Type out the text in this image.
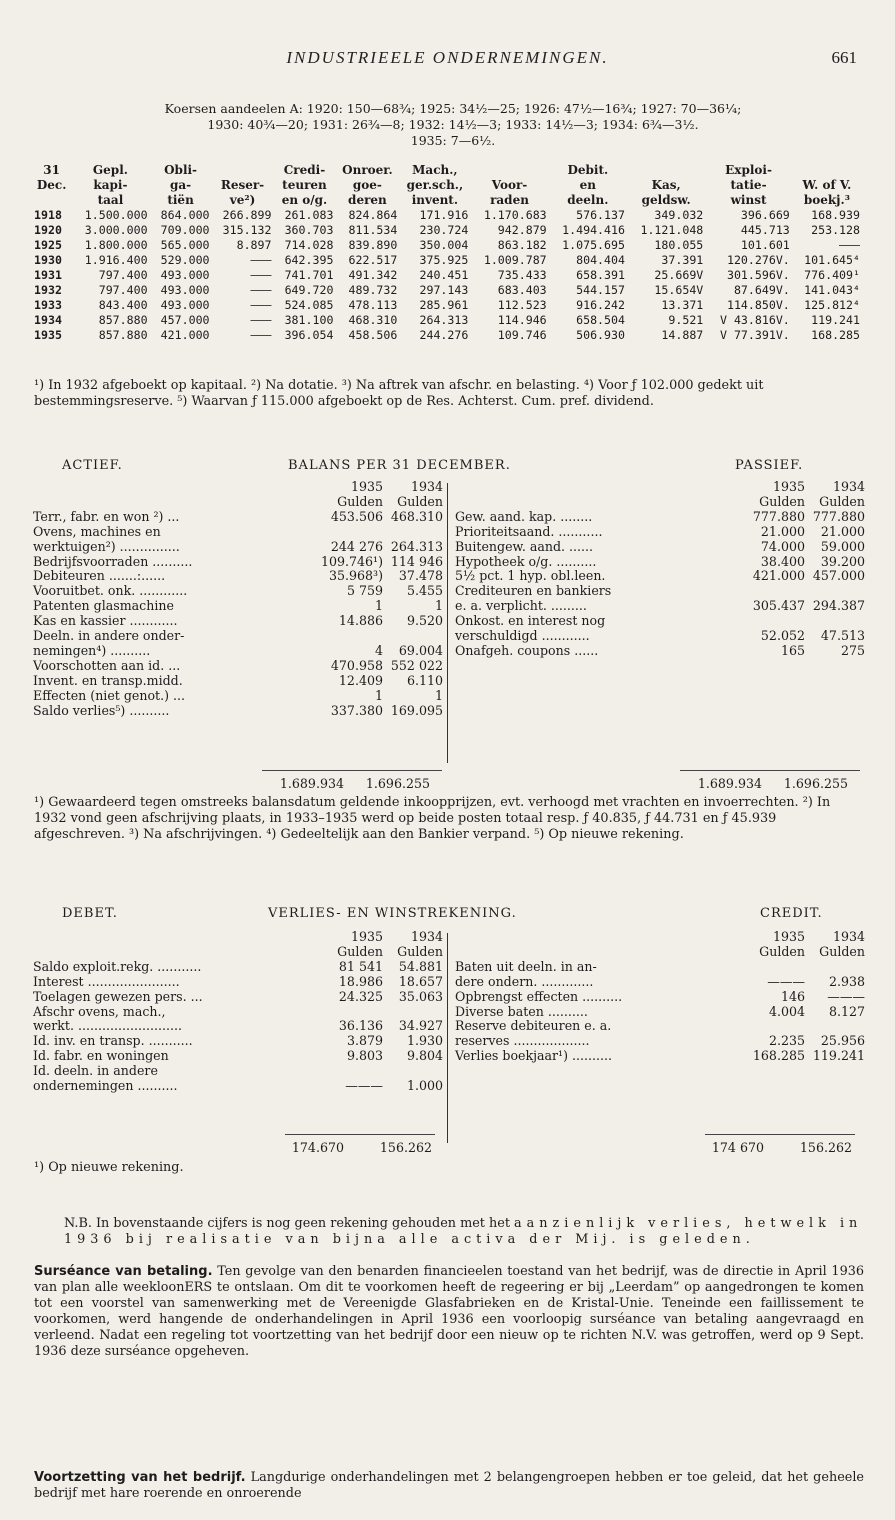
INDUSTRIEELE ONDERNEMINGEN.	661
Koersen aandeelen A: 1920: 150—68¾; 1925: 34½—25; 1926: 47½—16¾; 1927: 70—36¼;
1930: 40¾—20; 1931: 26¾—8; 1932: 14½—3; 1933: 14½—3; 1934: 6¾—3½.
1935: 7—6½.
31	Gepl.	Obli-		Credi-	Onroer.	Mach.,		Debit.		Exploi-	
Dec.	kapi-	ga-	Reser-	teuren	goe-	ger.sch.,	Voor-	en	Kas,	tatie-	W. of V.
	taal	tiën	ve²)	en o/g.	deren	invent.	raden	deeln.	geldsw.	winst	boekj.³
1918	1.500.000	864.000	266.899	261.083	824.864	171.916	1.170.683	576.137	349.032	396.669	168.939
1920	3.000.000	709.000	315.132	360.703	811.534	230.724	942.879	1.494.416	1.121.048	445.713	253.128
1925	1.800.000	565.000	8.897	714.028	839.890	350.004	863.182	1.075.695	180.055	101.601	———
1930	1.916.400	529.000	———	642.395	622.517	375.925	1.009.787	804.404	37.391	120.276V.	101.645⁴
1931	797.400	493.000	———	741.701	491.342	240.451	735.433	658.391	25.669V	301.596V.	776.409¹
1932	797.400	493.000	———	649.720	489.732	297.143	683.403	544.157	15.654V	87.649V.	141.043⁴
1933	843.400	493.000	———	524.085	478.113	285.961	112.523	916.242	13.371	114.850V.	125.812⁴
1934	857.880	457.000	———	381.100	468.310	264.313	114.946	658.504	9.521	V 43.816V.	119.241
1935	857.880	421.000	———	396.054	458.506	244.276	109.746	506.930	14.887	V 77.391V.	168.285
¹) In 1932 afgeboekt op kapitaal. ²) Na dotatie. ³) Na aftrek van afschr. en belasting. ⁴) Voor ƒ 102.000 gedekt uit bestemmingsreserve. ⁵) Waarvan ƒ 115.000 afgeboekt op de Res. Achterst. Cum. pref. dividend.
ACTIEF.	BALANS PER 31 DECEMBER.	PASSIEF.
	1935	1934
	Gulden	Gulden
Terr., fabr. en won ²) ...	453.506	468.310
Ovens, machines en		
werktuigen²) ...............	244 276	264.313
Bedrijfsvoorraden ..........	109.746¹)	114 946
Debiteuren .......:......	35.968³)	37.478
Vooruitbet. onk. ............	5 759	5.455
Patenten glasmachine	1	1
Kas en kassier ............	14.886	9.520
Deeln. in andere onder-		
nemingen⁴) ..........	4	69.004
Voorschotten aan id. ...	470.958	552 022
Invent. en transp.midd.	12.409	6.110
Effecten (niet genot.) ...	1	1
Saldo verlies⁵) ..........	337.380	169.095
	1935	1934
	Gulden	Gulden
Gew. aand. kap. ........	777.880	777.880
Prioriteitsaand. ...........	21.000	21.000
Buitengew. aand. ......	74.000	59.000
Hypotheek o/g. ..........	38.400	39.200
5½ pct. 1 hyp. obl.leen.	421.000	457.000
Crediteuren en bankiers		
e. a. verplicht. .........	305.437	294.387
Onkost. en interest nog		
verschuldigd ............	52.052	47.513
Onafgeh. coupons ......	165	275
1.689.934 1.696.255	1.689.934 1.696.255
¹) Gewaardeerd tegen omstreeks balansdatum geldende inkoopprijzen, evt. verhoogd met vrachten en invoerrechten. ²) In 1932 vond geen afschrijving plaats, in 1933–1935 werd op beide posten totaal resp. ƒ 40.835, ƒ 44.731 en ƒ 45.939 afgeschreven. ³) Na afschrijvingen. ⁴) Gedeeltelijk aan den Bankier verpand. ⁵) Op nieuwe rekening.
DEBET.	VERLIES- EN WINSTREKENING.	CREDIT.
	1935	1934
	Gulden	Gulden
Saldo exploit.rekg. ...........	81 541	54.881
Interest .......................	18.986	18.657
Toelagen gewezen pers. ...	24.325	35.063
Afschr ovens, mach.,		
werkt. ..........................	36.136	34.927
Id. inv. en transp. ...........	3.879	1.930
Id. fabr. en woningen	9.803	9.804
Id. deeln. in andere		
ondernemingen ..........	———	1.000
	1935	1934
	Gulden	Gulden
Baten uit deeln. in an-		
dere ondern. .............	———	2.938
Opbrengst effecten ..........	146	———
Diverse baten ..........	4.004	8.127
Reserve debiteuren e. a.		
reserves ...................	2.235	25.956
Verlies boekjaar¹) ..........	168.285	119.241
174.670	156.262	174 670	156.262
¹) Op nieuwe rekening.
N.B. In bovenstaande cijfers is nog geen rekening gehouden met het aanzienlijk verlies, hetwelk in 1936 bij realisatie van bijna alle activa der Mij. is geleden.
Surséance van betaling. Ten gevolge van den benarden financieelen toestand van het bedrijf, was de directie in April 1936 van plan alle weekloonERS te ontslaan. Om dit te voorkomen heeft de regeering er bij „Leerdam” op aangedrongen te komen tot een voorstel van samenwerking met de Vereenigde Glasfabrieken en de Kristal-Unie. Teneinde een faillissement te voorkomen, werd hangende de onderhandelingen in April 1936 een voorloopig surséance van betaling aangevraagd en verleend. Nadat een regeling tot voortzetting van het bedrijf door een nieuw op te richten N.V. was getroffen, werd op 9 Sept. 1936 deze surséance opgeheven.
Voortzetting van het bedrijf. Langdurige onderhandelingen met 2 belangengroepen hebben er toe geleid, dat het geheele bedrijf met hare roerende en onroerende
